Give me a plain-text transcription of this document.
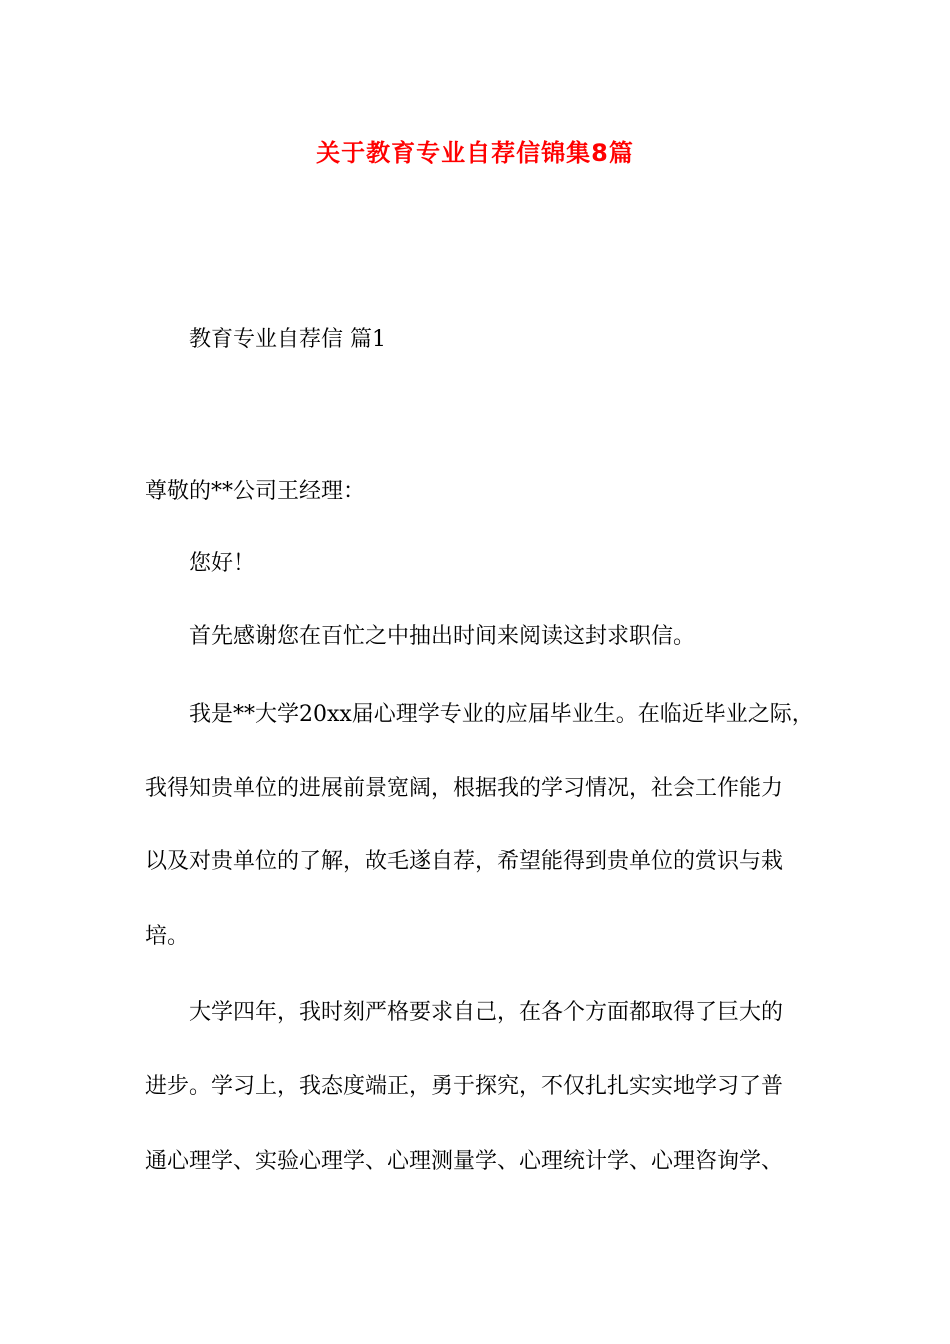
关于教育专业自荐信锦集8篇
教育专业自荐信 篇1
尊敬的**公司王经理：
您好！
首先感谢您在百忙之中抽出时间来阅读这封求职信。
我是**大学20xx届心理学专业的应届毕业生。在临近毕业之际，
我得知贵单位的进展前景宽阔，根据我的学习情况，社会工作能力
以及对贵单位的了解，故毛遂自荐，希望能得到贵单位的赏识与栽
培。
大学四年，我时刻严格要求自己，在各个方面都取得了巨大的
进步。学习上，我态度端正，勇于探究，不仅扎扎实实地学习了普
通心理学、实验心理学、心理测量学、心理统计学、心理咨询学、
